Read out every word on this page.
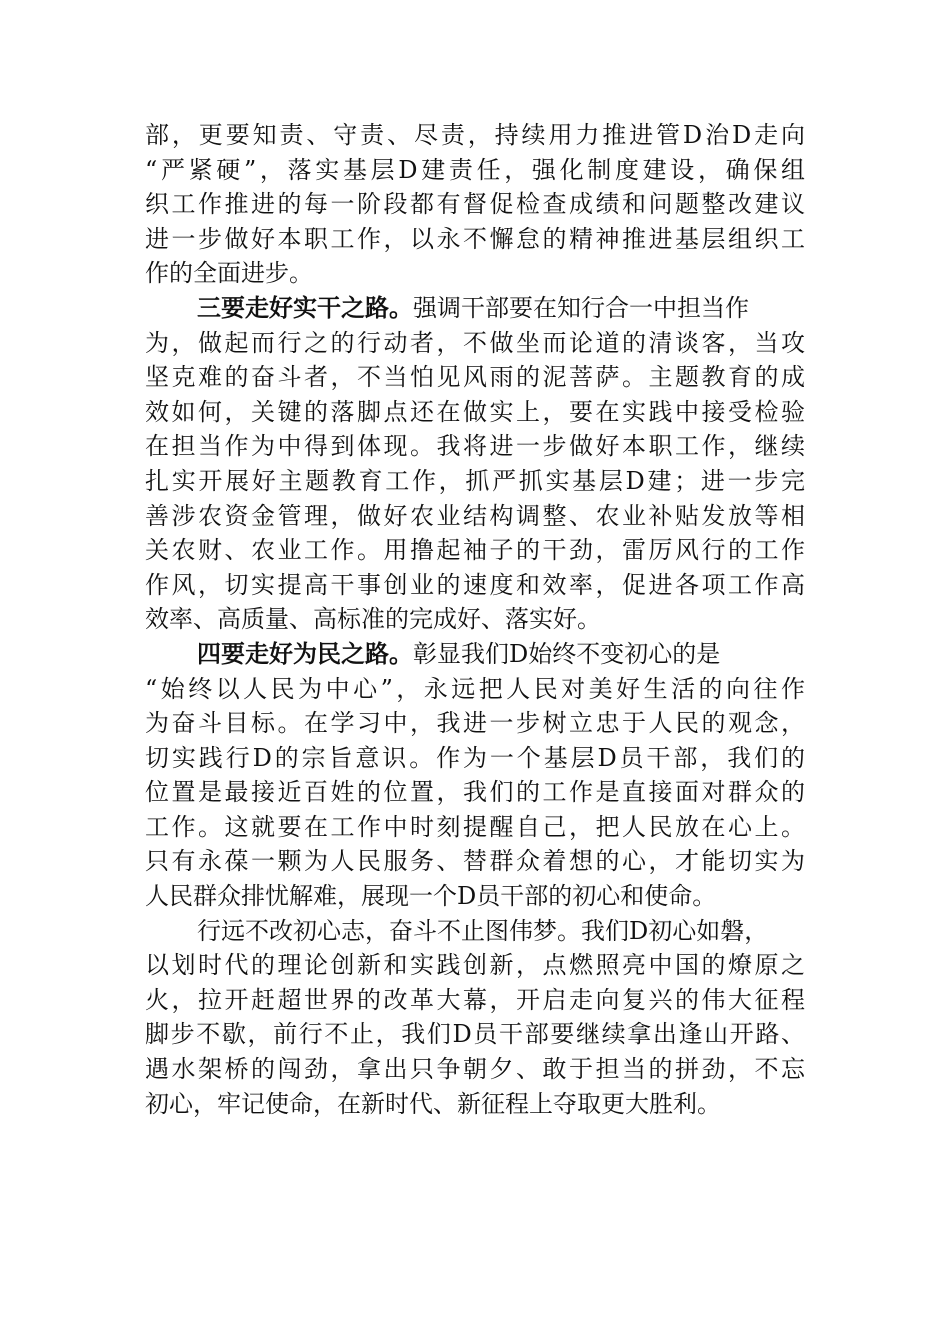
部，更要知责、守责、尽责，持续用力推进管D治D走向
“严紧硬”，落实基层D建责任，强化制度建设，确保组
织工作推进的每一阶段都有督促检查成绩和问题整改建议
进一步做好本职工作，以永不懈怠的精神推进基层组织工
作的全面进步。
三要走好实干之路。强调干部要在知行合一中担当作
为，做起而行之的行动者，不做坐而论道的清谈客，当攻
坚克难的奋斗者，不当怕见风雨的泥菩萨。主题教育的成
效如何，关键的落脚点还在做实上，要在实践中接受检验
在担当作为中得到体现。我将进一步做好本职工作，继续
扎实开展好主题教育工作，抓严抓实基层D建；进一步完
善涉农资金管理，做好农业结构调整、农业补贴发放等相
关农财、农业工作。用撸起袖子的干劲，雷厉风行的工作
作风，切实提高干事创业的速度和效率，促进各项工作高
效率、高质量、高标准的完成好、落实好。
四要走好为民之路。彰显我们D始终不变初心的是
“始终以人民为中心”，永远把人民对美好生活的向往作
为奋斗目标。在学习中，我进一步树立忠于人民的观念，
切实践行D的宗旨意识。作为一个基层D员干部，我们的
位置是最接近百姓的位置，我们的工作是直接面对群众的
工作。这就要在工作中时刻提醒自己，把人民放在心上。
只有永葆一颗为人民服务、替群众着想的心，才能切实为
人民群众排忧解难，展现一个D员干部的初心和使命。
行远不改初心志，奋斗不止图伟梦。我们D初心如磐，
以划时代的理论创新和实践创新，点燃照亮中国的燎原之
火，拉开赶超世界的改革大幕，开启走向复兴的伟大征程
脚步不歇，前行不止，我们D员干部要继续拿出逢山开路、
遇水架桥的闯劲，拿出只争朝夕、敢于担当的拼劲，不忘
初心，牢记使命，在新时代、新征程上夺取更大胜利。
